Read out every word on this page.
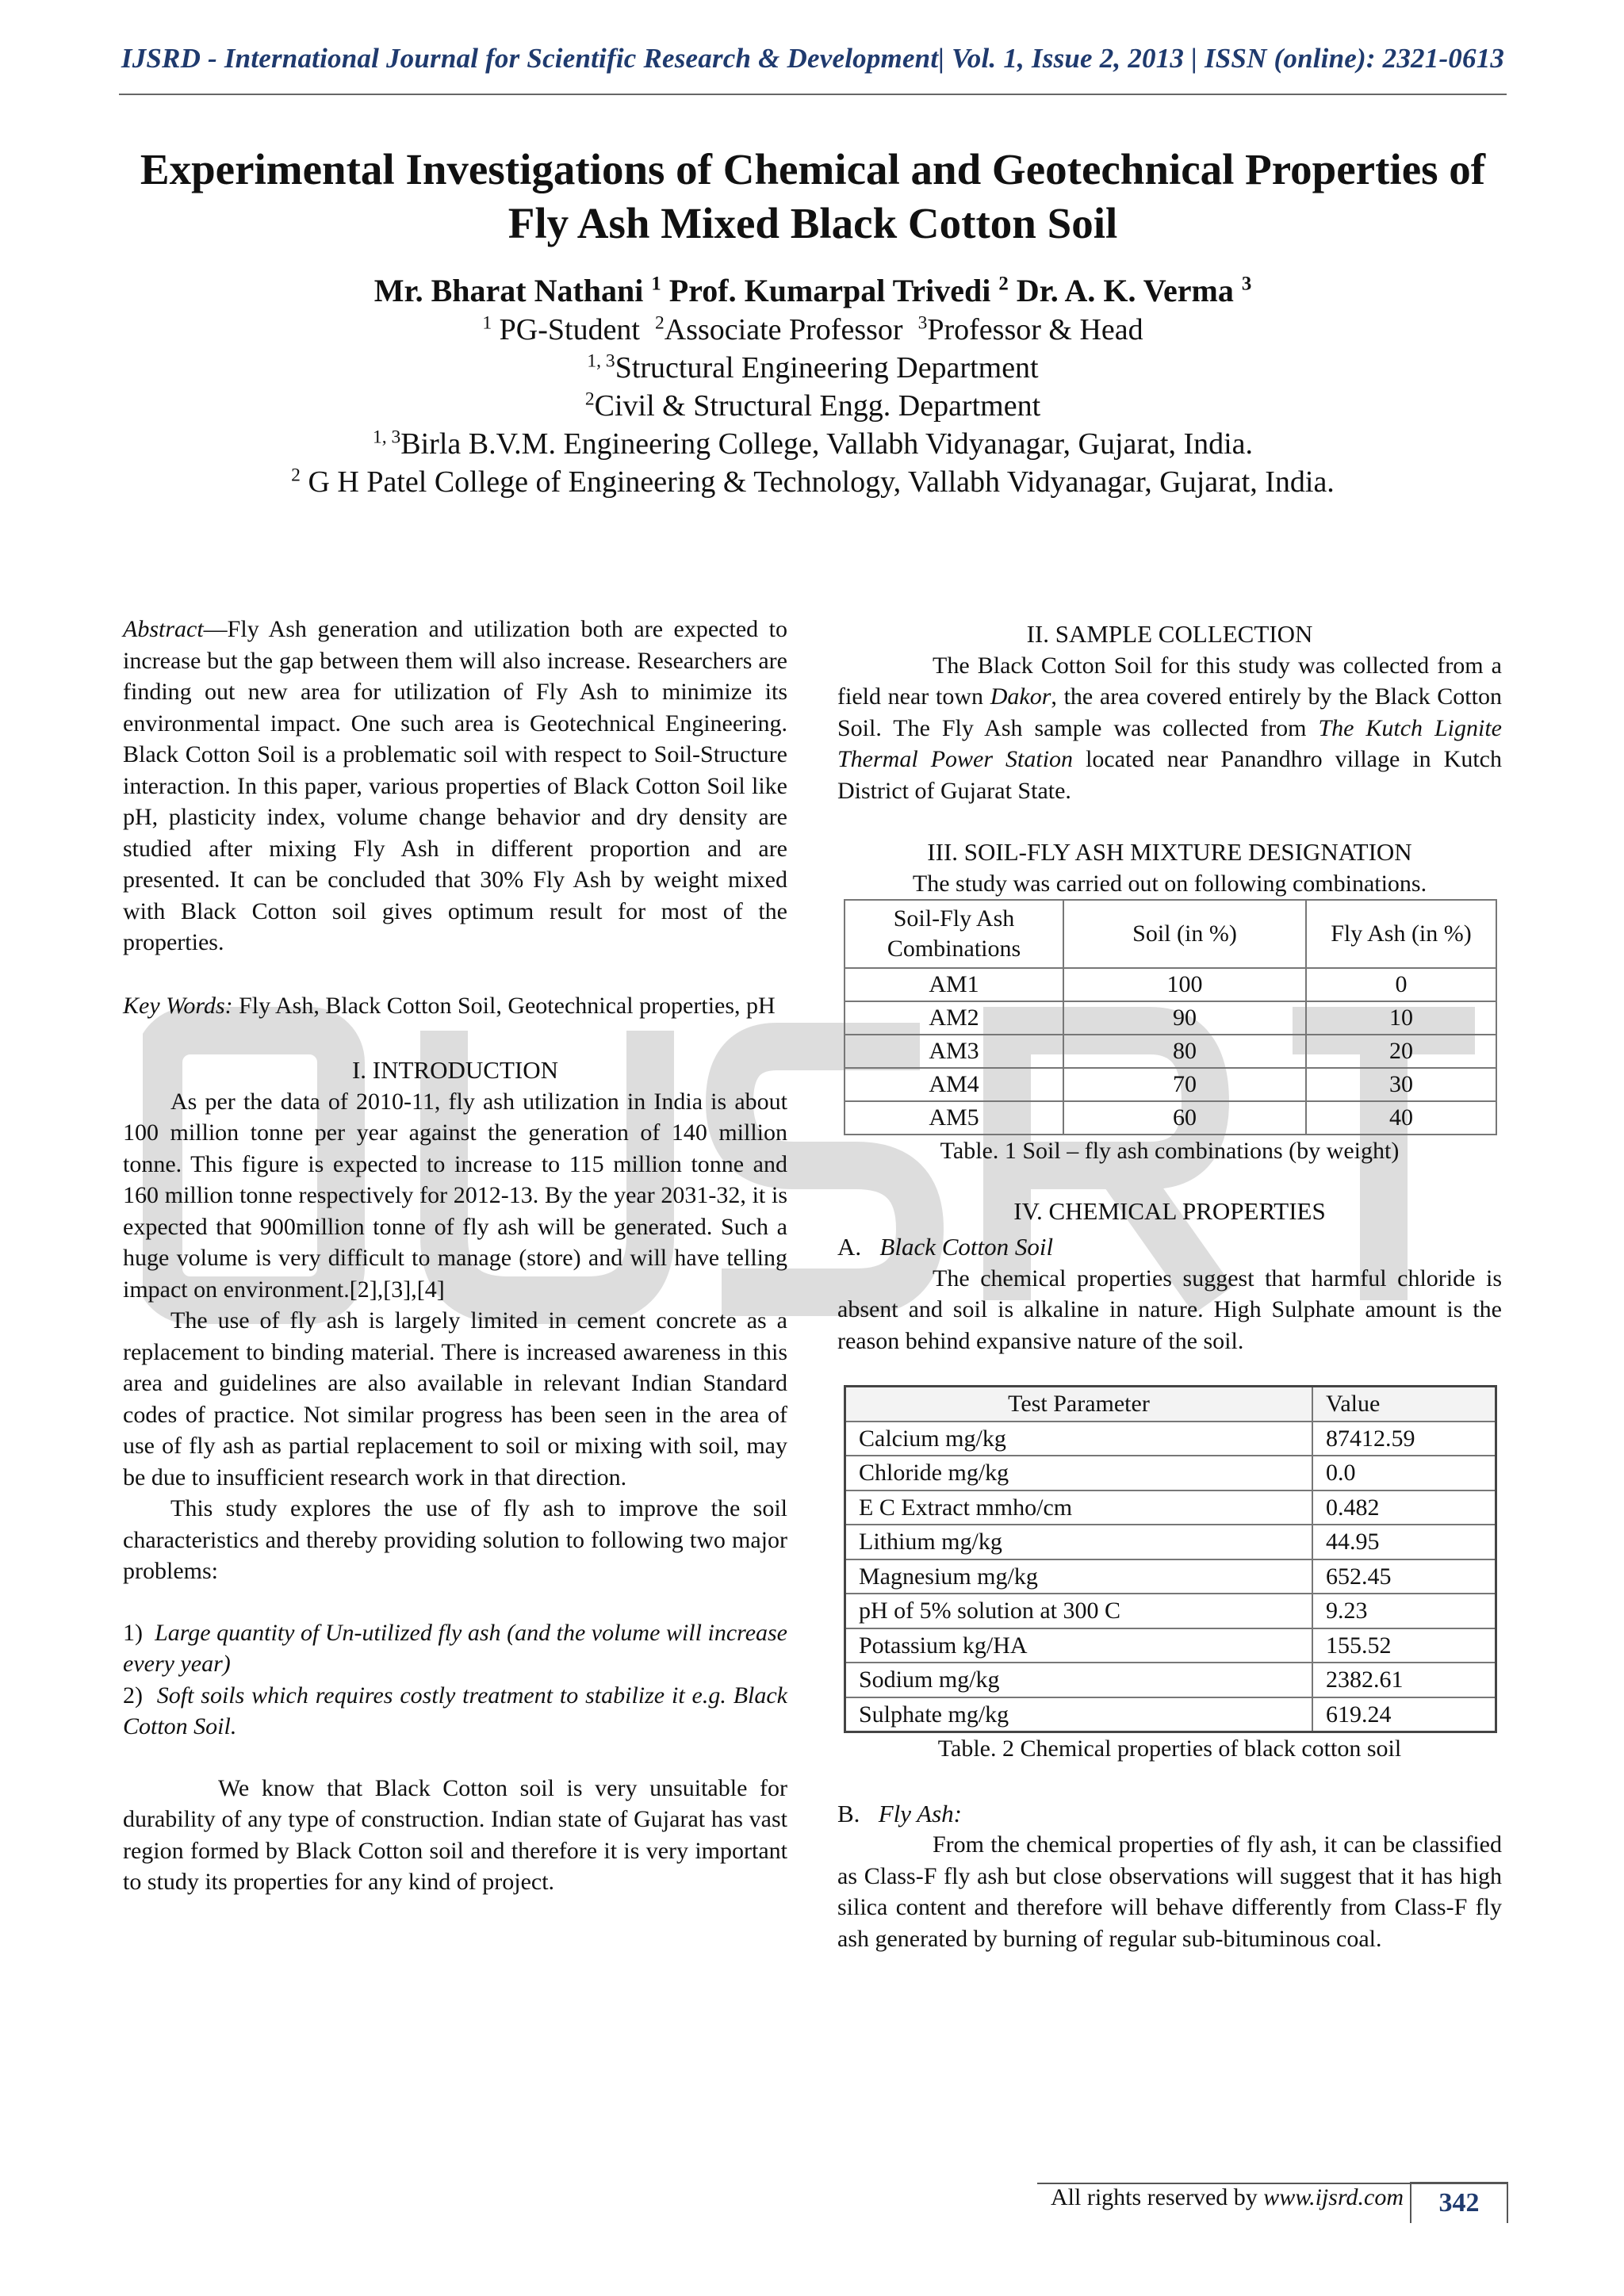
IJSRD - International Journal for Scientific Research & Development| Vol. 1, Issue 2, 2013 | ISSN (online): 2321-0613
Experimental Investigations of Chemical and Geotechnical Properties of
Fly Ash Mixed Black Cotton Soil
Mr. Bharat Nathani $^1$ Prof. Kumarpal Trivedi $^2$ Dr. A. K. Verma $^3$
$^1$ PG-Student $^2$Associate Professor $^3$Professor & Head
$^{1, 3}$Structural Engineering Department
$^2$Civil & Structural Engg. Department
$^{1, 3}$Birla B.V.M. Engineering College, Vallabh Vidyanagar, Gujarat, India.
$^2$ G H Patel College of Engineering & Technology, Vallabh Vidyanagar, Gujarat, India.

Abstract—Fly Ash generation and utilization both are expected to increase but the gap between them will also increase. Researchers are finding out new area for utilization of Fly Ash to minimize its environmental impact. One such area is Geotechnical Engineering. Black Cotton Soil is a problematic soil with respect to Soil-Structure interaction. In this paper, various properties of Black Cotton Soil like pH, plasticity index, volume change behavior and dry density are studied after mixing Fly Ash in different proportion and are presented. It can be concluded that 30% Fly Ash by weight mixed with Black Cotton soil gives optimum result for most of the properties.

Key Words: Fly Ash, Black Cotton Soil, Geotechnical properties, pH

I. INTRODUCTION

As per the data of 2010-11, fly ash utilization in India is about 100 million tonne per year against the generation of 140 million tonne. This figure is expected to increase to 115 million tonne and 160 million tonne respectively for 2012-13. By the year 2031-32, it is expected that 900million tonne of fly ash will be generated. Such a huge volume is very difficult to manage (store) and will have telling impact on environment.[2],[3],[4]

The use of fly ash is largely limited in cement concrete as a replacement to binding material. There is increased awareness in this area and guidelines are also available in relevant Indian Standard codes of practice. Not similar progress has been seen in the area of use of fly ash as partial replacement to soil or mixing with soil, may be due to insufficient research work in that direction.

This study explores the use of fly ash to improve the soil characteristics and thereby providing solution to following two major problems:

1) Large quantity of Un-utilized fly ash (and the volume will increase every year)

2) Soft soils which requires costly treatment to stabilize it e.g. Black Cotton Soil.

We know that Black Cotton soil is very unsuitable for durability of any type of construction. Indian state of Gujarat has vast region formed by Black Cotton soil and therefore it is very important to study its properties for any kind of project.

II. SAMPLE COLLECTION

The Black Cotton Soil for this study was collected from a field near town Dakor, the area covered entirely by the Black Cotton Soil. The Fly Ash sample was collected from The Kutch Lignite Thermal Power Station located near Panandhro village in Kutch District of Gujarat State.

III. SOIL-FLY ASH MIXTURE DESIGNATION

The study was carried out on following combinations.

Soil-Fly Ash Combinations	Soil (in %)	Fly Ash (in %)
AM1	100	0
AM2	90	10
AM3	80	20
AM4	70	30
AM5	60	40

Table. 1 Soil – fly ash combinations (by weight)

IV. CHEMICAL PROPERTIES

A. Black Cotton Soil

The chemical properties suggest that harmful chloride is absent and soil is alkaline in nature. High Sulphate amount is the reason behind expansive nature of the soil.

Test Parameter	Value
Calcium mg/kg	87412.59
Chloride mg/kg	0.0
E C Extract mmho/cm	0.482
Lithium mg/kg	44.95
Magnesium mg/kg	652.45
pH of 5% solution at 300 C	9.23
Potassium kg/HA	155.52
Sodium mg/kg	2382.61
Sulphate mg/kg	619.24

Table. 2 Chemical properties of black cotton soil

B. Fly Ash:

From the chemical properties of fly ash, it can be classified as Class-F fly ash but close observations will suggest that it has high silica content and therefore will behave differently from Class-F fly ash generated by burning of regular sub-bituminous coal.

All rights reserved by www.ijsrd.com	342
